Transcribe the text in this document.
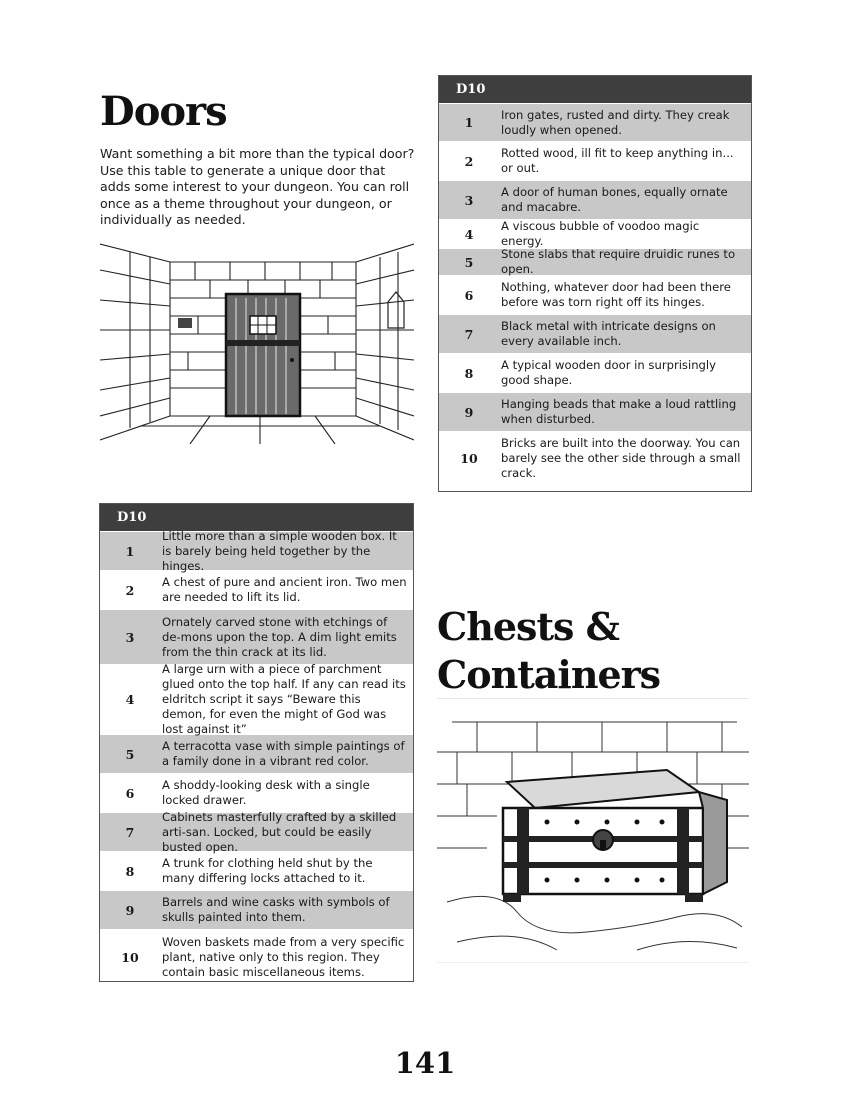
Doors

Want something a bit more than the typical door? Use this table to generate a unique door that adds some interest to your dungeon. You can roll once as a theme throughout your dungeon, or individually as needed.

D10
1
Iron gates, rusted and dirty. They creak loudly when opened.
2
Rotted wood, ill fit to keep anything in... or out.
3
A door of human bones, equally ornate and macabre.
4
A viscous bubble of voodoo magic energy.
5
Stone slabs that require druidic runes to open.
6
Nothing, whatever door had been there before was torn right off its hinges.
7
Black metal with intricate designs on every available inch.
8
A typical wooden door in surprisingly good shape.
9
Hanging beads that make a loud rattling when disturbed.
10
Bricks are built into the doorway. You can barely see the other side through a small crack.
D10
1
Little more than a simple wooden box. It is barely being held together by the hinges.
2
A chest of pure and ancient iron. Two men are needed to lift its lid.
3
Ornately carved stone with etchings of de-mons upon the top. A dim light emits from the thin crack at its lid.
4
A large urn with a piece of parchment glued onto the top half. If any can read its eldritch script it says “Beware this demon, for even the might of God was lost against it”
5
A terracotta vase with simple paintings of a family done in a vibrant red color.
6
A shoddy-looking desk with a single locked drawer.
7
Cabinets masterfully crafted by a skilled arti-san. Locked, but could be easily busted open.
8
A trunk for clothing held shut by the many differing locks attached to it.
9
Barrels and wine casks with symbols of skulls painted into them.
10
Woven baskets made from a very specific plant, native only to this region. They contain basic miscellaneous items.
Chests &
Containers
141
